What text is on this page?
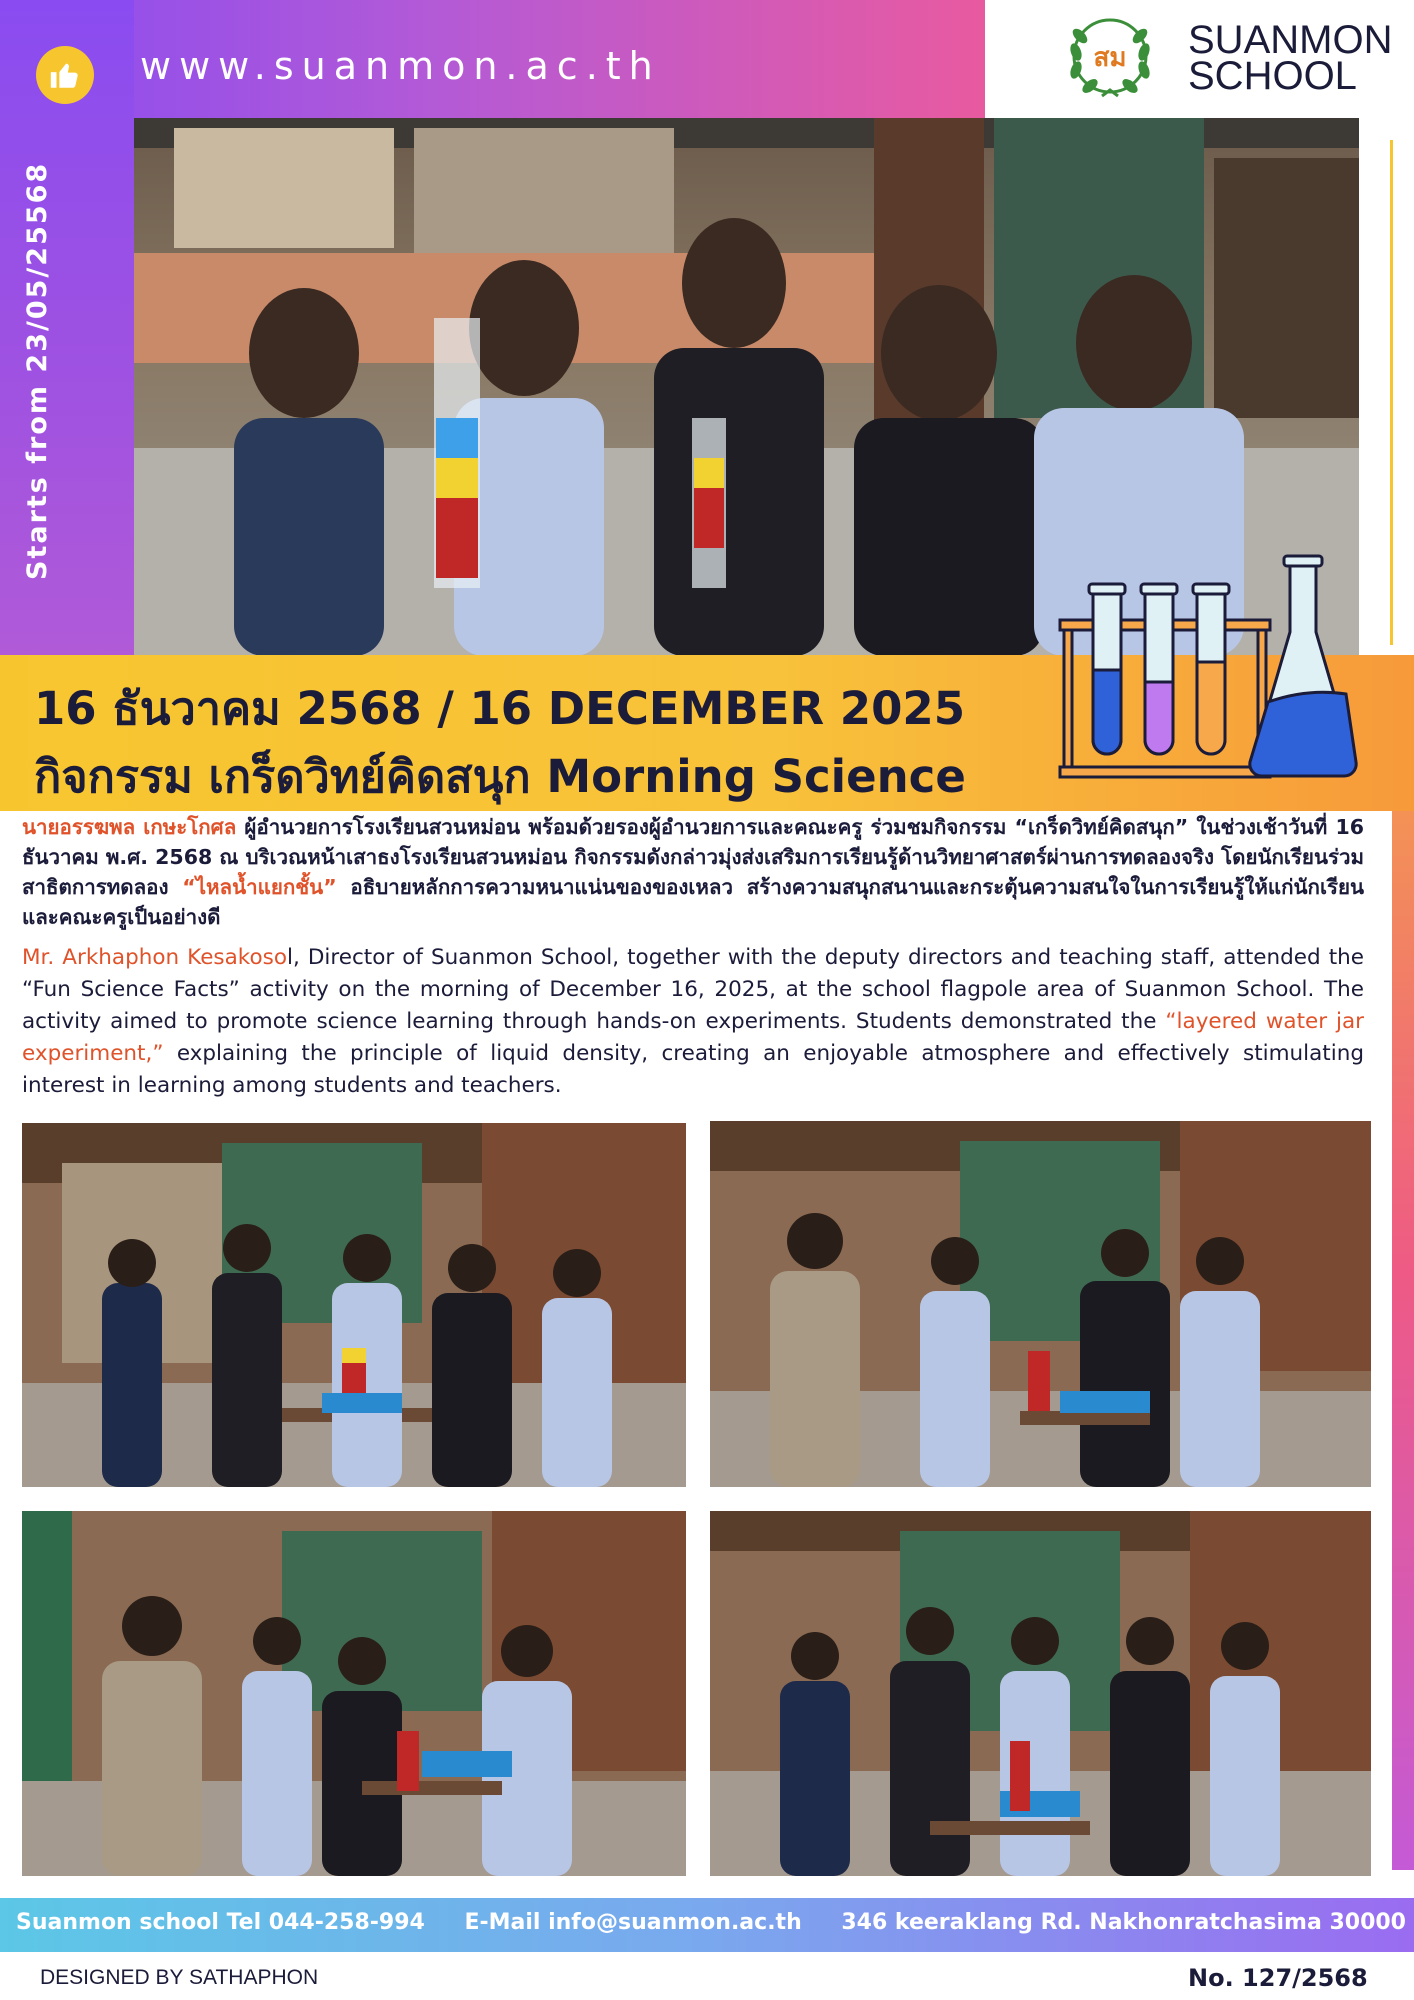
www.suanmon.ac.th
Starts from 23/05/25568
สม SUANMON
SCHOOL
16 ธันวาคม 2568 / 16 DECEMBER 2025
กิจกรรม เกร็ดวิทย์คิดสนุก Morning Science
นายอรรฆพล เกษะโกศล ผู้อำนวยการโรงเรียนสวนหม่อน พร้อมด้วยรองผู้อำนวยการและคณะครู ร่วมชมกิจกรรม “เกร็ดวิทย์คิดสนุก” ในช่วงเช้าวันที่ 16 ธันวาคม พ.ศ. 2568 ณ บริเวณหน้าเสาธงโรงเรียนสวนหม่อน กิจกรรมดังกล่าวมุ่งส่งเสริมการเรียนรู้ด้านวิทยาศาสตร์ผ่านการทดลองจริง โดยนักเรียนร่วมสาธิตการทดลอง “ไหลน้ำแยกชั้น” อธิบายหลักการความหนาแน่นของของเหลว สร้างความสนุกสนานและกระตุ้นความสนใจในการเรียนรู้ให้แก่นักเรียนและคณะครูเป็นอย่างดี
Mr. Arkhaphon Kesakosol, Director of Suanmon School, together with the deputy directors and teaching staff, attended the “Fun Science Facts” activity on the morning of December 16, 2025, at the school flagpole area of Suanmon School. The activity aimed to promote science learning through hands-on experiments. Students demonstrated the “layered water jar experiment,” explaining the principle of liquid density, creating an enjoyable atmosphere and effectively stimulating interest in learning among students and teachers.
Suanmon school Tel 044-258-994 E-Mail info@suanmon.ac.th 346 keeraklang Rd. Nakhonratchasima 30000
DESIGNED BY SATHAPHON	No. 127/2568
